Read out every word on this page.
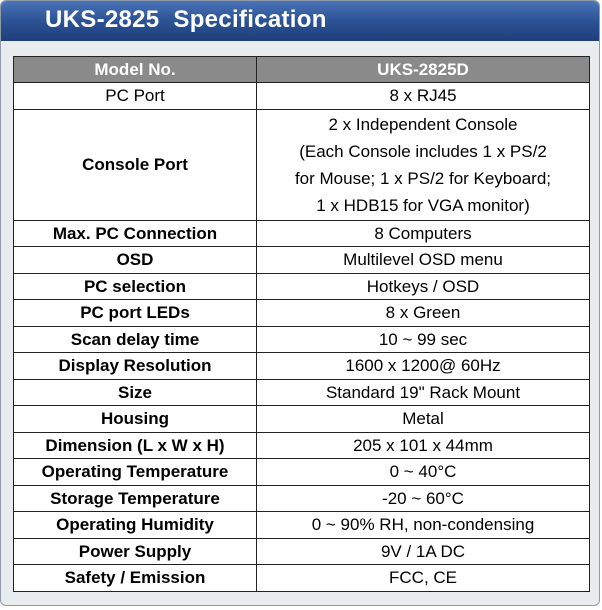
UKS-2825  Specification
Model No.	UKS-2825D
PC Port	8 x RJ45
Console Port	2 x Independent Console
(Each Console includes 1 x PS/2
for Mouse; 1 x PS/2 for Keyboard;
1 x HDB15 for VGA monitor)

Max. PC Connection	8 Computers
OSD	Multilevel OSD menu
PC selection	Hotkeys / OSD
PC port LEDs	8 x Green
Scan delay time	10 ~ 99 sec
Display Resolution	1600 x 1200@ 60Hz
Size	Standard 19" Rack Mount
Housing	Metal
Dimension (L x W x H)	205 x 101 x 44mm
Operating Temperature	0 ~ 40°C
Storage Temperature	-20 ~ 60°C
Operating Humidity	0 ~ 90% RH, non-condensing
Power Supply	9V / 1A DC
Safety / Emission	FCC, CE
